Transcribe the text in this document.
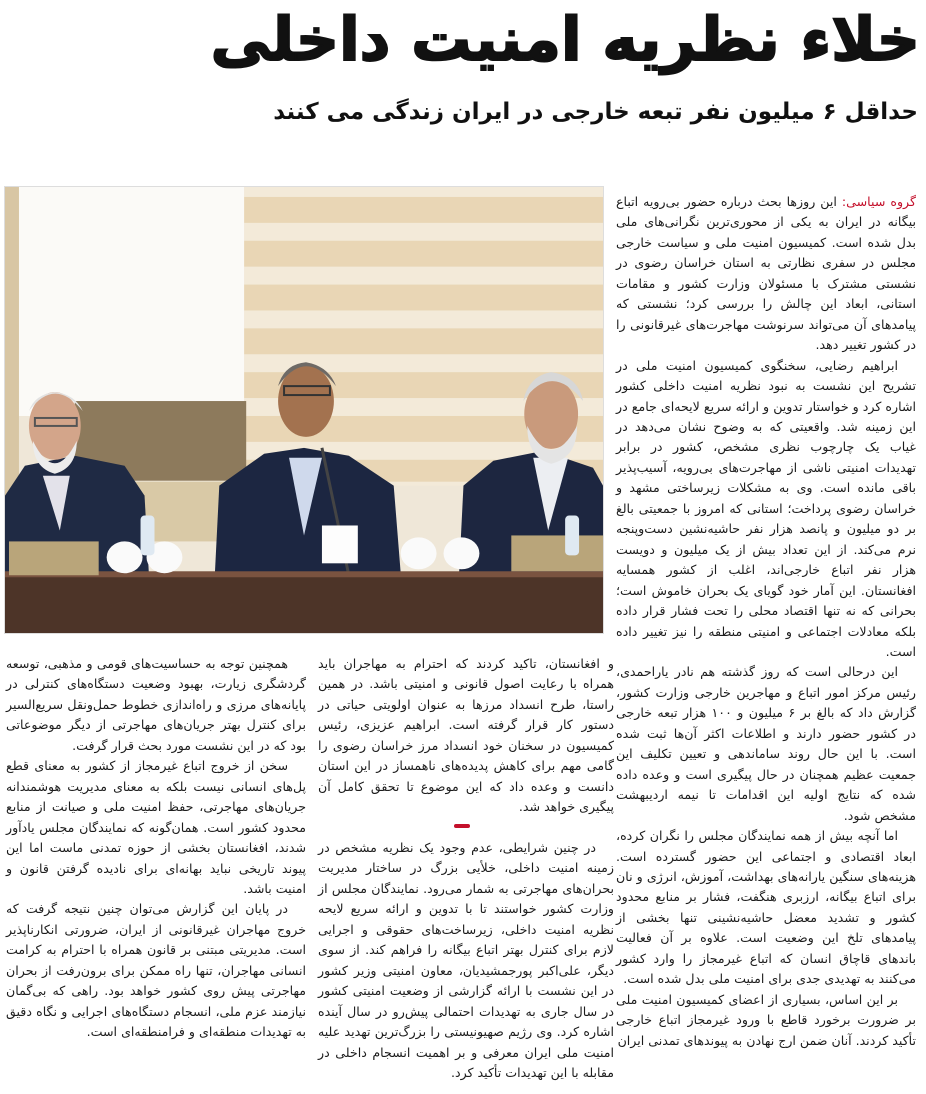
خلاء نظریه امنیت داخلی
حداقل ۶ میلیون نفر تبعه خارجی در ایران زندگی می کنند

گروه سیاسی: این روزها بحث درباره حضور بی‌رویه اتباع بیگانه در ایران به یکی از محوری‌ترین نگرانی‌های ملی بدل شده است. کمیسیون امنیت ملی و سیاست خارجی مجلس در سفری نظارتی به استان خراسان رضوی در نشستی مشترک با مسئولان وزارت کشور و مقامات استانی، ابعاد این چالش را بررسی کرد؛ نشستی که پیامدهای آن می‌تواند سرنوشت مهاجرت‌های غیرقانونی را در کشور تغییر دهد.

ابراهیم رضایی، سخنگوی کمیسیون امنیت ملی در تشریح این نشست به نبود نظریه امنیت داخلی کشور اشاره کرد و خواستار تدوین و ارائه سریع لایحه‌ای جامع در این زمینه شد. واقعیتی که به وضوح نشان می‌دهد در غیاب یک چارچوب نظری مشخص، کشور در برابر تهدیدات امنیتی ناشی از مهاجرت‌های بی‌رویه، آسیب‌پذیر باقی مانده است. وی به مشکلات زیرساختی مشهد و خراسان رضوی پرداخت؛ استانی که امروز با جمعیتی بالغ بر دو میلیون و پانصد هزار نفر حاشیه‌نشین دست‌وپنجه نرم می‌کند. از این تعداد بیش از یک میلیون و دویست هزار نفر اتباع خارجی‌اند، اغلب از کشور همسایه افغانستان. این آمار خود گویای یک بحران خاموش است؛ بحرانی که نه تنها اقتصاد محلی را تحت فشار قرار داده بلکه معادلات اجتماعی و امنیتی منطقه را نیز تغییر داده است.

این درحالی است که روز گذشته هم نادر یاراحمدی، رئیس مرکز امور اتباع و مهاجرین خارجی وزارت کشور، گزارش داد که بالغ بر ۶ میلیون و ۱۰۰ هزار تبعه خارجی در کشور حضور دارند و اطلاعات اکثر آن‌ها ثبت شده است. با این حال روند ساماندهی و تعیین تکلیف این جمعیت عظیم همچنان در حال پیگیری است و وعده داده شده که نتایج اولیه این اقدامات تا نیمه اردیبهشت مشخص شود.

اما آنچه بیش از همه نمایندگان مجلس را نگران کرده، ابعاد اقتصادی و اجتماعی این حضور گسترده است. هزینه‌های سنگین یارانه‌های بهداشت، آموزش، انرژی و نان برای اتباع بیگانه، ارزبری هنگفت، فشار بر منابع محدود کشور و تشدید معضل حاشیه‌نشینی تنها بخشی از پیامدهای تلخ این وضعیت است. علاوه بر آن فعالیت باندهای قاچاق انسان که اتباع غیرمجاز را وارد کشور می‌کنند به تهدیدی جدی برای امنیت ملی بدل شده است.

بر این اساس، بسیاری از اعضای کمیسیون امنیت ملی بر ضرورت برخورد قاطع با ورود غیرمجاز اتباع خارجی تأکید کردند. آنان ضمن ارج نهادن به پیوندهای تمدنی ایران

و افغانستان، تاکید کردند که احترام به مهاجران باید همراه با رعایت اصول قانونی و امنیتی باشد. در همین راستا، طرح انسداد مرزها به عنوان اولویتی حیاتی در دستور کار قرار گرفته است. ابراهیم عزیزی، رئیس کمیسیون در سخنان خود انسداد مرز خراسان رضوی را گامی مهم برای کاهش پدیده‌های ناهمساز در این استان دانست و وعده داد که این موضوع تا تحقق کامل آن پیگیری خواهد شد.

در چنین شرایطی، عدم وجود یک نظریه مشخص در زمینه امنیت داخلی، خلأیی بزرگ در ساختار مدیریت بحران‌های مهاجرتی به شمار می‌رود. نمایندگان مجلس از وزارت کشور خواستند تا با تدوین و ارائه سریع لایحه نظریه امنیت داخلی، زیرساخت‌های حقوقی و اجرایی لازم برای کنترل بهتر اتباع بیگانه را فراهم کند. از سوی دیگر، علی‌اکبر پورجمشیدیان، معاون امنیتی وزیر کشور در این نشست با ارائه گزارشی از وضعیت امنیتی کشور در سال جاری به تهدیدات احتمالی پیش‌رو در سال آینده اشاره کرد. وی رژیم صهیونیستی را بزرگ‌ترین تهدید علیه امنیت ملی ایران معرفی و بر اهمیت انسجام داخلی در مقابله با این تهدیدات تأکید کرد.

همچنین توجه به حساسیت‌های قومی و مذهبی، توسعه گردشگری زیارت، بهبود وضعیت دستگاه‌های کنترلی در پایانه‌های مرزی و راه‌اندازی خطوط حمل‌ونقل سریع‌السیر برای کنترل بهتر جریان‌های مهاجرتی از دیگر موضوعاتی بود که در این نشست مورد بحث قرار گرفت.

سخن از خروج اتباع غیرمجاز از کشور به معنای قطع پل‌های انسانی نیست بلکه به معنای مدیریت هوشمندانه جریان‌های مهاجرتی، حفظ امنیت ملی و صیانت از منابع محدود کشور است. همان‌گونه که نمایندگان مجلس یادآور شدند، افغانستان بخشی از حوزه تمدنی ماست اما این پیوند تاریخی نباید بهانه‌ای برای نادیده گرفتن قانون و امنیت باشد.

در پایان این گزارش می‌توان چنین نتیجه گرفت که خروج مهاجران غیرقانونی از ایران، ضرورتی انکارناپذیر است. مدیریتی مبتنی بر قانون همراه با احترام به کرامت انسانی مهاجران، تنها راه ممکن برای برون‌رفت از بحران مهاجرتی پیش روی کشور خواهد بود. راهی که بی‌گمان نیازمند عزم ملی، انسجام دستگاه‌های اجرایی و نگاه دقیق به تهدیدات منطقه‌ای و فرامنطقه‌ای است.
